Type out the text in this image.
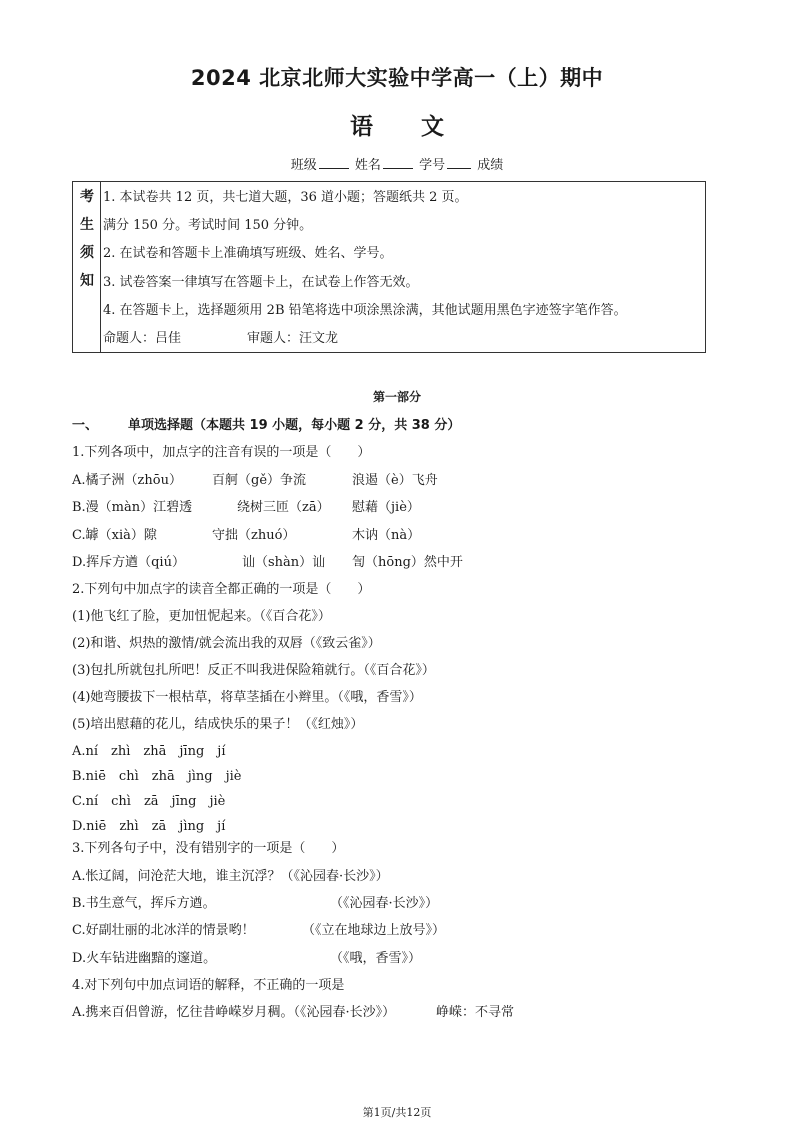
2024 北京北师大实验中学高一（上）期中
语 文
班级	姓名	学号 成绩
考
生
须
知
1. 本试卷共 12 页，共七道大题，36 道小题；答题纸共 2 页。
满分 150 分。考试时间 150 分钟。
2. 在试卷和答题卡上准确填写班级、姓名、学号。
3. 试卷答案一律填写在答题卡上，在试卷上作答无效。
4. 在答题卡上，选择题须用 2B 铅笔将选中项涂黑涂满，其他试题用黑色字迹签字笔作答。
命题人：吕佳	审题人：汪文龙
第一部分
一、 单项选择题（本题共 19 小题，每小题 2 分，共 38 分）
1.下列各项中，加点字的注音有误的一项是（　　）
A.橘子洲（zhōu） 百舸（gě）争流	浪遏（è）飞舟
B.漫（màn）江碧透	绕树三匝（zā） 慰藉（jiè）
C.罅（xià）隙	守拙（zhuó）	木讷（nà）
D.挥斥方遒（qiú）	讪（shàn）讪 訇（hōng）然中开
2.下列句中加点字的读音全都正确的一项是（　　）
(1)他飞红了脸，更加忸怩起来。（《百合花》）
(2)和谐、炽热的激情/就会流出我的双唇（《致云雀》）
(3)包扎所就包扎所吧！反正不叫我进保险箱就行。（《百合花》）
(4)她弯腰拔下一根枯草，将草茎插在小辫里。（《哦，香雪》）
(5)培出慰藉的花儿，结成快乐的果子！（《红烛》）
A.ní　zhì　zhā　jīng　jí
B.niē　chì　zhā　jìng　jiè
C.ní　chì　zā　jīng　jiè
D.niē　zhì　zā　jìng　jí
3.下列各句子中，没有错别字的一项是（　　）
A.怅辽阔，问沧茫大地，谁主沉浮？（《沁园春·长沙》）
B.书生意气，挥斥方遒。	（《沁园春·长沙》）
C.好副壮丽的北冰洋的情景哟！	（《立在地球边上放号》）
D.火车钻进幽黯的邃道。	（《哦，香雪》）
4.对下列句中加点词语的解释，不正确的一项是
A.携来百侣曾游，忆往昔峥嵘岁月稠。（《沁园春·长沙》）	峥嵘：不寻常
第1页/共12页
